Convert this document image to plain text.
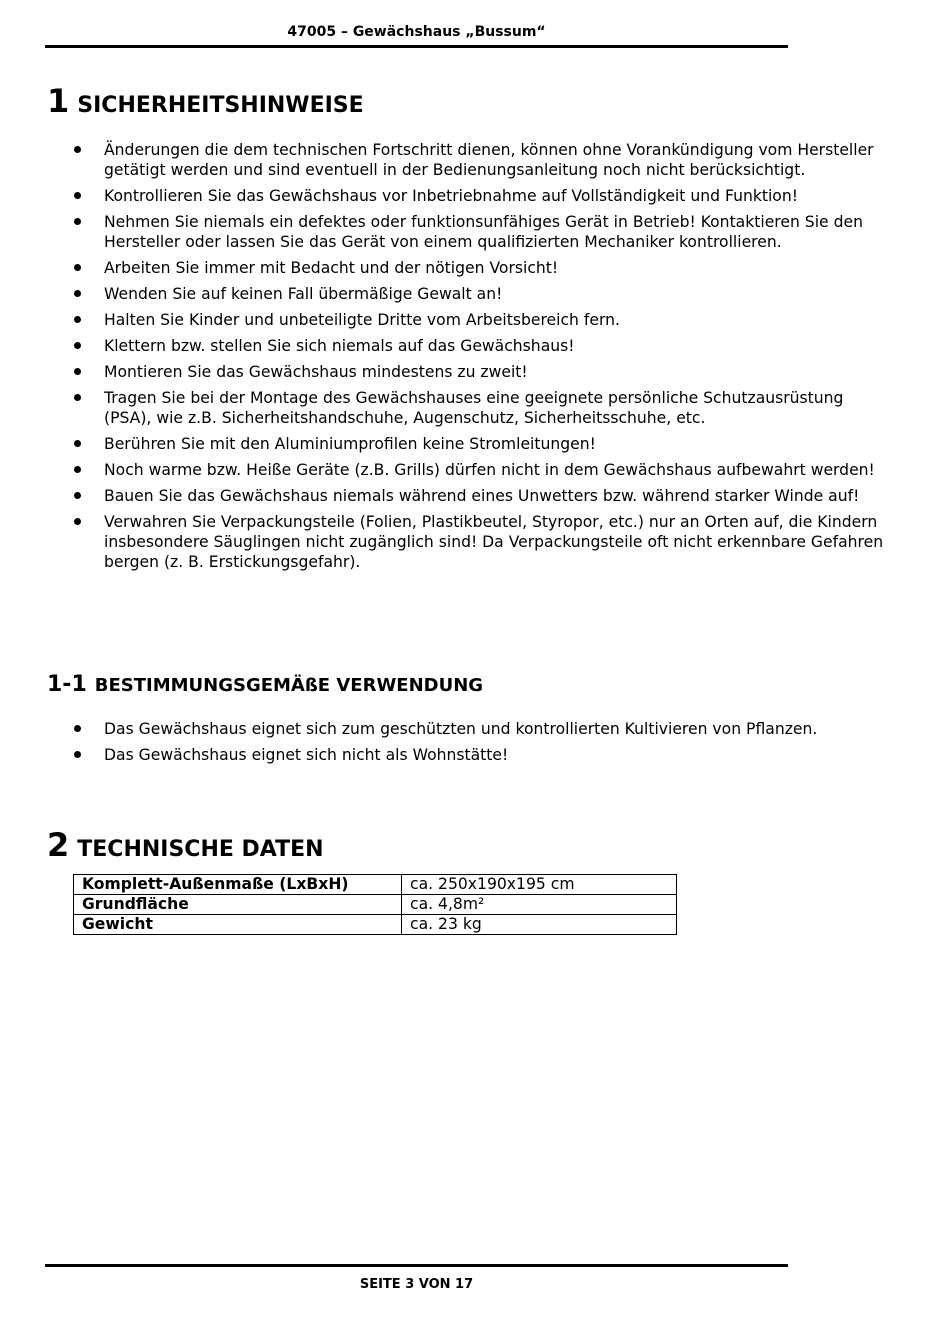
47005 – Gewächshaus „Bussum“
1 SICHERHEITSHINWEISE
Änderungen die dem technischen Fortschritt dienen, können ohne Vorankündigung vom Hersteller getätigt werden und sind eventuell in der Bedienungsanleitung noch nicht berücksichtigt.
Kontrollieren Sie das Gewächshaus vor Inbetriebnahme auf Vollständigkeit und Funktion!
Nehmen Sie niemals ein defektes oder funktionsunfähiges Gerät in Betrieb! Kontaktieren Sie den Hersteller oder lassen Sie das Gerät von einem qualifizierten Mechaniker kontrollieren.
Arbeiten Sie immer mit Bedacht und der nötigen Vorsicht!
Wenden Sie auf keinen Fall übermäßige Gewalt an!
Halten Sie Kinder und unbeteiligte Dritte vom Arbeitsbereich fern.
Klettern bzw. stellen Sie sich niemals auf das Gewächshaus!
Montieren Sie das Gewächshaus mindestens zu zweit!
Tragen Sie bei der Montage des Gewächshauses eine geeignete persönliche Schutzausrüstung (PSA), wie z.B. Sicherheitshandschuhe, Augenschutz, Sicherheitsschuhe, etc.
Berühren Sie mit den Aluminiumprofilen keine Stromleitungen!
Noch warme bzw. Heiße Geräte (z.B. Grills) dürfen nicht in dem Gewächshaus aufbewahrt werden!
Bauen Sie das Gewächshaus niemals während eines Unwetters bzw. während starker Winde auf!
Verwahren Sie Verpackungsteile (Folien, Plastikbeutel, Styropor, etc.) nur an Orten auf, die Kindern insbesondere Säuglingen nicht zugänglich sind! Da Verpackungsteile oft nicht erkennbare Gefahren bergen (z. B. Erstickungsgefahr).
1-1 BESTIMMUNGSGEMÄßE VERWENDUNG
Das Gewächshaus eignet sich zum geschützten und kontrollierten Kultivieren von Pflanzen.
Das Gewächshaus eignet sich nicht als Wohnstätte!
2 TECHNISCHE DATEN
Komplett-Außenmaße (LxBxH)	ca. 250x190x195 cm
Grundfläche	ca. 4,8m²
Gewicht	ca. 23 kg
SEITE 3 VON 17
